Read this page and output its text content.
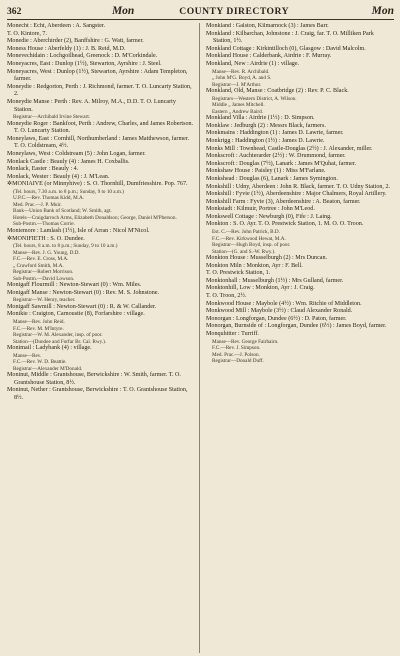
362	Mon	COUNTY DIRECTORY	Mon

Monecht : Echt, Aberdeen : A. Sangster.

T. O. Kintore, 7.

Monedie : Aberchirder (2), Banffshire : G. Watt, farmer.

Moness House : Aberfeldy (1) : J. B. Reid, M.D.

Monevechidain : Lochgoilhead, Greenock : D. M'Corkindale.

Moneyacres, East : Dunlop (1½), Stewarton, Ayrshire : J. Steel.

Moneyacres, West : Dunlop (1½), Stewarton, Ayrshire : Adam Templeton, farmer.

Moneydie : Redgorton, Perth : J. Richmond, farmer. T. O. Luncarty Station, 2.

Moneydie Manse : Perth : Rev. A. Milroy, M.A., D.D. T. O. Luncarty Station.

Registrar—Archibald Irvine Stewart.

Moneydie Roger : Bankfoot, Perth : Andrew, Charles, and James Robertson. T. O. Luncarty Station.

Moneylaws, East : Cornhill, Northumberland : James Matthewson, farmer. T. O. Coldstream, 4½.

Moneylaws, West : Coldstream (5) : John Logan, farmer.

Monlack Castle : Beauly (4) : James H. Coxballis.

Monlack, Easter : Beauly : 4.

Monlack, Wester : Beauly (4) : J. M'Lean.

✲MONIAIVE (or Minnyhive) : S. O. Thornhill, Dumfriesshire. Pop. 767.

(Tel. hours, 7.30 a.m. to 8 p.m.; Sunday, 9 to 10 a.m.)

U.P.C.—Rev. Thomas Kidd, M.A.

Med. Prac.—J. P. Muir.

Bank—Union Bank of Scotland; W. Smith, agt.

Hotels—Craigdarroch Arms, Elizabeth Donaldson; George, Daniel M'Pherson.

Sub-Postm.—Thomas Corrie.

Moniemore : Lamlash (1½), Isle of Arran : Nicol M'Nicol.

✲MONIFIETH : S. O. Dundee.

(Tel. hours, 8 a.m. to 8 p.m.; Sunday, 9 to 10 a.m.)

Manse—Rev. J. G. Young, D.D.

F.C.—Rev. E. Cross, M.A.

„ Crawford Smith, M.A.

Registrar—Robert Morrison.

Sub-Postm.—David Lowson.

Monigaff Flourmill : Newton-Stewart (0) : Wm. Miles.

Monigaff Manse : Newton-Stewart (0) : Rev. M. S. Johnstone.

Registrar—W. Henry, teacher.

Monigaff Sawmill : Newton-Stewart (0) : R. & W. Callander.

Monikie : Craigton, Carnoustie (8), Forfarshire : village.

Manse—Rev. John Reid.

F.C.—Rev. M. M'Intyre.

Registrar—W. M. Alexander, insp. of poor.

Station—(Dundee and Forfar Br. Cal. Rwy.).

Monimail : Ladybank (4) : village.

Manse—Rev.

F.C.—Rev. W. D. Beattie.

Registrar—Alexander M'Donald.

Moninut, Middle : Grantshouse, Berwickshire : W. Smith, farmer. T. O. Grantshouse Station, 8½.

Moninut, Nether : Grantshouse, Berwickshire : T. O. Grantshouse Station, 8½.

Monkland : Galston, Kilmarnock (3) : James Barr.

Monkland : Kilbarchan, Johnstone : J. Craig, far. T. O. Milliken Park Station, 1½.

Monkland Cottage : Kirkintilloch (0), Glasgow : David Malcolm.

Monkland House : Calderbank, Airdrie : F. Murray.

Monkland, New : Airdrie (1) : village.

Manse—Rev. R. Archibald.

„ John M'G. Boyd, A. and S.

Registrar—J. M'Arthur.

Monkland, Old, Manse : Coatbridge (2) : Rev. P. C. Black.

Registrars—Western District, A. Wilson.

Middle „ James Mitchell.

Eastern „ Andrew Baird.

Monkland Villa : Airdrie (1½) : D. Simpson.

Monklaw : Jedburgh (2) : Messrs Black, farmers.

Monkmains : Haddington (1) : James D. Lawrie, farmer.

Monkrigg : Haddington (1½) : James D. Lawrie.

Monks Mill : Townhead, Castle-Douglas (2½) : J. Alexander, miller.

Monkscroft : Auchterarder (2½) : W. Drummond, farmer.

Monkscroft : Douglas (7½), Lanark : James M'Quhat, farmer.

Monkshaw House : Paisley (1) : Miss M'Farlane.

Monkshead : Douglas (6), Lanark : James Symington.

Monkshill : Udny, Aberdeen : John R. Black, farmer. T. O. Udny Station, 2.

Monkshill : Fyvie (1½), Aberdeenshire : Major Chalmers, Royal Artillery.

Monkshill Farm : Fyvie (3), Aberdeenshire : A. Beaton, farmer.

Monkstadt : Kilmuir, Portree : John M'Leod.

Monkswell Cottage : Newburgh (0), Fife : J. Laing.

Monkton : S. O. Ayr. T. O. Prestwick Station, 1. M. O. O. Troon.

Est. C.—Rev. John Patrick, B.D.

F.C.—Rev. Kirkwood Hewat, M.A.

Registrar—Hugh Boyd, insp. of poor.

Station—(G. and S.-W. Rwy.).

Monkton House : Musselburgh (2) : Mrs Duncan.

Monkton Miln : Monkton, Ayr : F. Bell.

T. O. Prestwick Station, 1.

Monktonhall : Musselburgh (1½) : Mrs Gulland, farmer.

Monktonhill, Low : Monkton, Ayr : J. Craig.

T. O. Troon, 2½.

Monkwood House : Maybole (4½) : Wm. Ritchie of Middleton.

Monkwood Mill : Maybole (3½) : Claud Alexander Ronald.

Monorgan : Longforgan, Dundee (6½) : D. Paton, farmer.

Monorgan, Burnside of : Longforgan, Dundee (6½) : James Boyd, farmer.

Monquhitter : Turriff.

Manse—Rev. George Fairbairn.

F.C.—Rev. J. Simpson.

Med. Prac.—J. Polson.

Registrar—Donald Duff.
